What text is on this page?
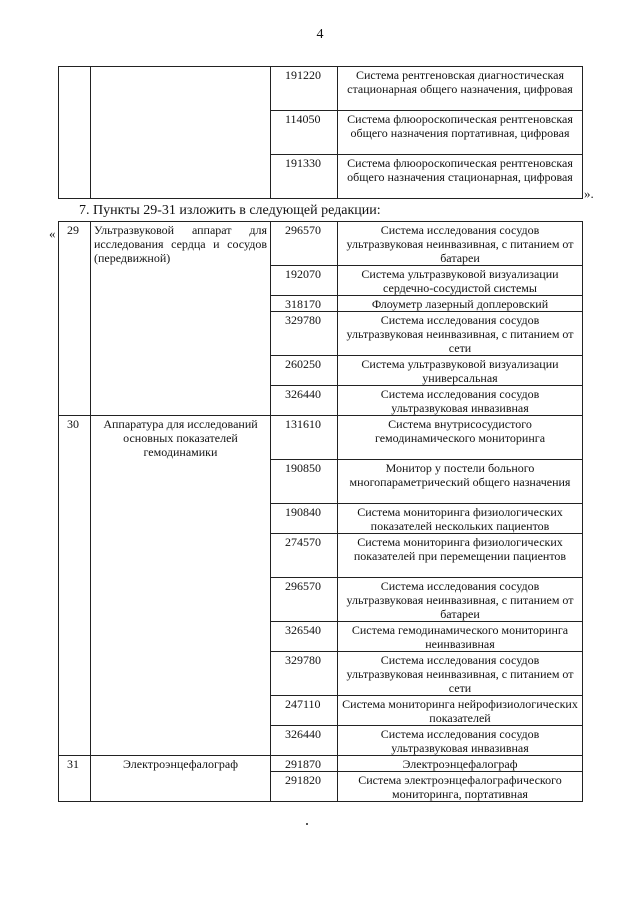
4
		191220	Система рентгеновская диагностическая стационарная общего назначения, цифровая
		114050	Система флюороскопическая рентгеновская общего назначения портативная, цифровая
		191330	Система флюороскопическая рентгеновская общего назначения стационарная, цифровая
».
7. Пункты 29-31 изложить в следующей редакции:
« 29	Ультразвуковой аппарат для исследования сердца и сосудов (передвижной)	296570	Система исследования сосудов ультразвуковая неинвазивная, с питанием от батареи
		192070	Система ультразвуковой визуализации сердечно-сосудистой системы
		318170	Флоуметр лазерный доплеровский
		329780	Система исследования сосудов ультразвуковая неинвазивная, с питанием от сети
		260250	Система ультразвуковой визуализации универсальная
		326440	Система исследования сосудов ультразвуковая инвазивная
30	Аппаратура для исследований основных показателей гемодинамики	131610	Система внутрисосудистого гемодинамического мониторинга
		190850	Монитор у постели больного многопараметрический общего назначения
		190840	Система мониторинга физиологических показателей нескольких пациентов
		274570	Система мониторинга физиологических показателей при перемещении пациентов
		296570	Система исследования сосудов ультразвуковая неинвазивная, с питанием от батареи
		326540	Система гемодинамического мониторинга неинвазивная
		329780	Система исследования сосудов ультразвуковая неинвазивная, с питанием от сети
		247110	Система мониторинга нейрофизиологических показателей
		326440	Система исследования сосудов ультразвуковая инвазивная
31	Электроэнцефалограф	291870	Электроэнцефалограф
		291820	Система электроэнцефалографического мониторинга, портативная
